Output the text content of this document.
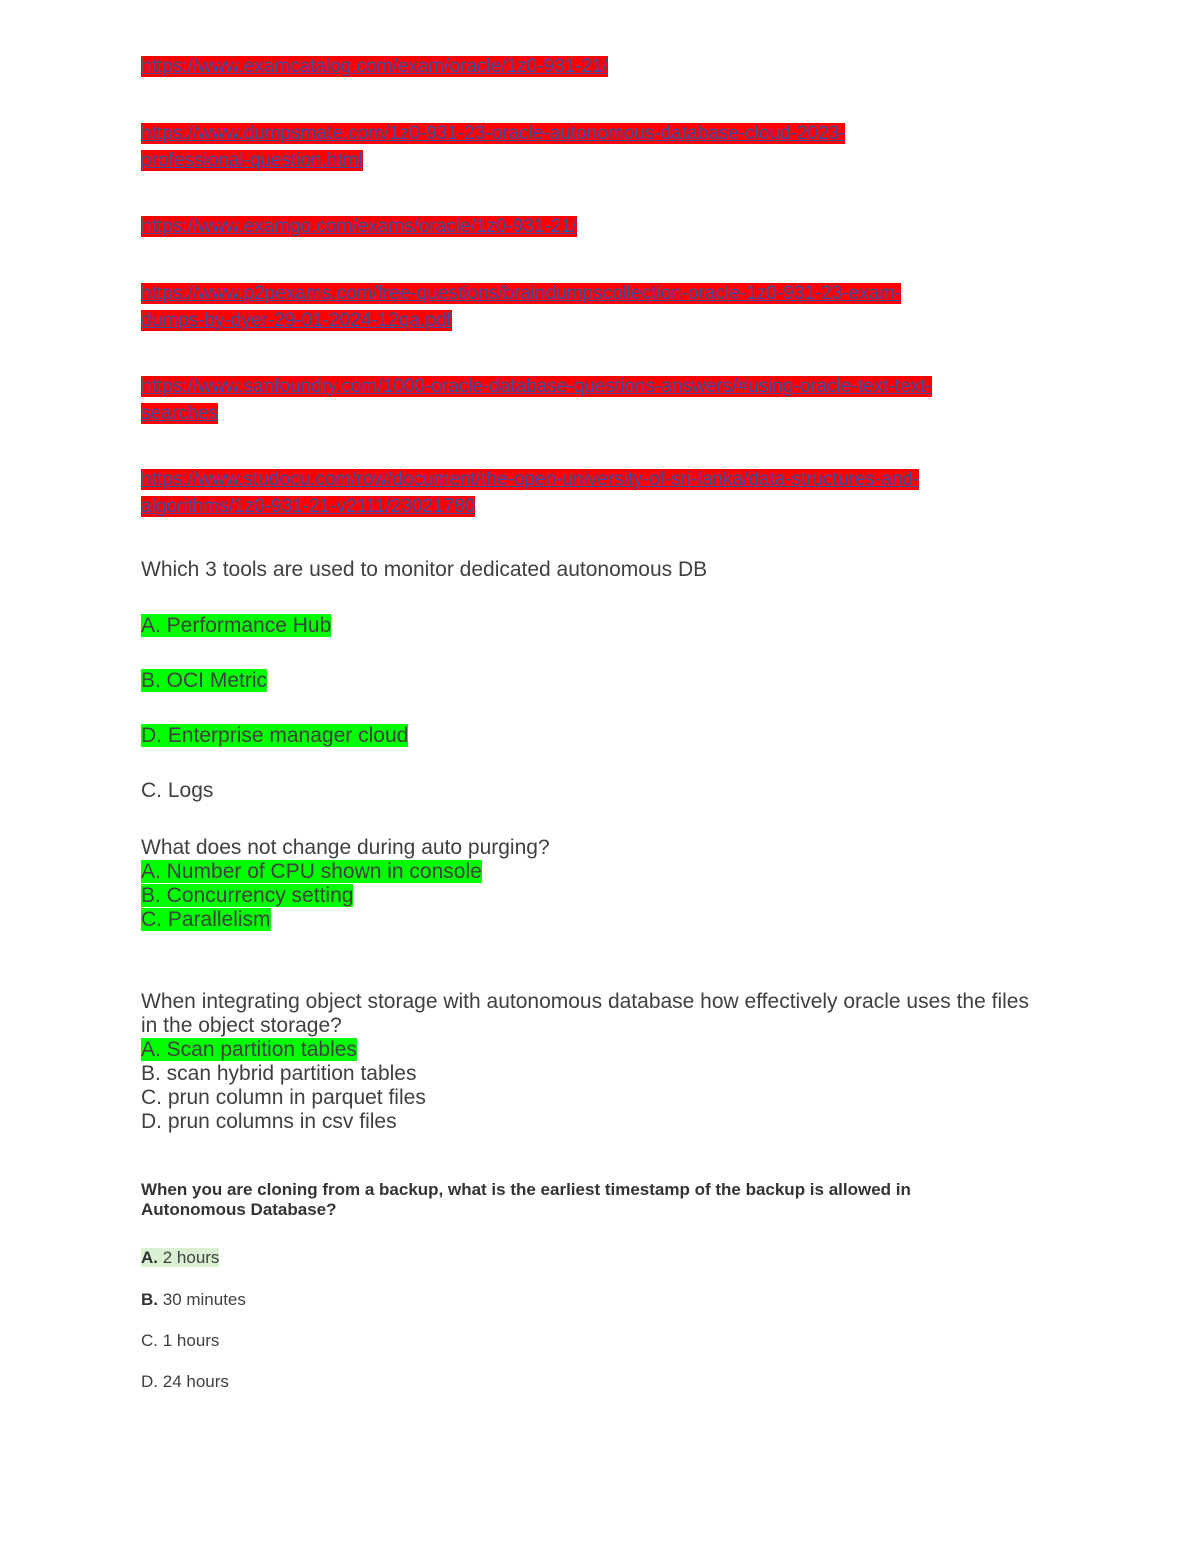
https://www.examcatalog.com/exam/oracle/1z0-931-21/

https://www.dumpsmate.com/1z0-931-23-oracle-autonomous-database-cloud-2023-
professional-question.html

https://www.examgo.com/exams/oracle/1z0-931-21/

https://www.p2pexams.com/free-questions/braindumpscollection-oracle-1z0-931-23-exam-
dumps-by-dyer-29-01-2024-12qa.pdf

https://www.sanfoundry.com/1000-oracle-database-questions-answers/#using-oracle-text-text-
searches

https://www.studocu.com/row/document/the-open-university-of-sri-lanka/data-structures-and-
algorithms/1z0-931-21-v2111/23021780

Which 3 tools are used to monitor dedicated autonomous DB

A. Performance Hub

B. OCI Metric

D. Enterprise manager cloud

C. Logs

What does not change during auto purging?
A. Number of CPU shown in console
B. Concurrency setting
C. Parallelism
When integrating object storage with autonomous database how effectively oracle uses the files
in the object storage?
A. Scan partition tables
B. scan hybrid partition tables
C. prun column in parquet files
D. prun columns in csv files
When you are cloning from a backup, what is the earliest timestamp of the backup is allowed in
Autonomous Database?

A. 2 hours

B. 30 minutes

C. 1 hours

D. 24 hours
